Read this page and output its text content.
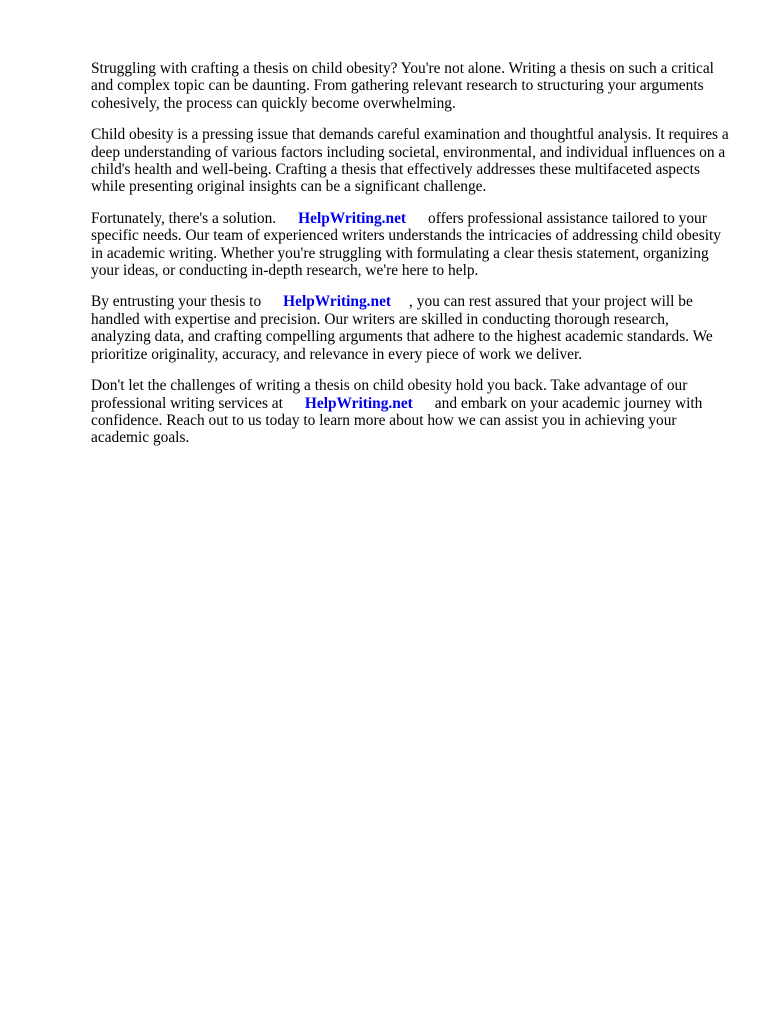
Struggling with crafting a thesis on child obesity? You're not alone. Writing a thesis on such a critical and complex topic can be daunting. From gathering relevant research to structuring your arguments cohesively, the process can quickly become overwhelming.

Child obesity is a pressing issue that demands careful examination and thoughtful analysis. It requires a deep understanding of various factors including societal, environmental, and individual influences on a child's health and well-being. Crafting a thesis that effectively addresses these multifaceted aspects while presenting original insights can be a significant challenge.

Fortunately, there's a solution. HelpWriting.net offers professional assistance tailored to your specific needs. Our team of experienced writers understands the intricacies of addressing child obesity in academic writing. Whether you're struggling with formulating a clear thesis statement, organizing your ideas, or conducting in-depth research, we're here to help.

By entrusting your thesis to HelpWriting.net , you can rest assured that your project will be handled with expertise and precision. Our writers are skilled in conducting thorough research, analyzing data, and crafting compelling arguments that adhere to the highest academic standards. We prioritize originality, accuracy, and relevance in every piece of work we deliver.

Don't let the challenges of writing a thesis on child obesity hold you back. Take advantage of our professional writing services at HelpWriting.net and embark on your academic journey with confidence. Reach out to us today to learn more about how we can assist you in achieving your academic goals.
